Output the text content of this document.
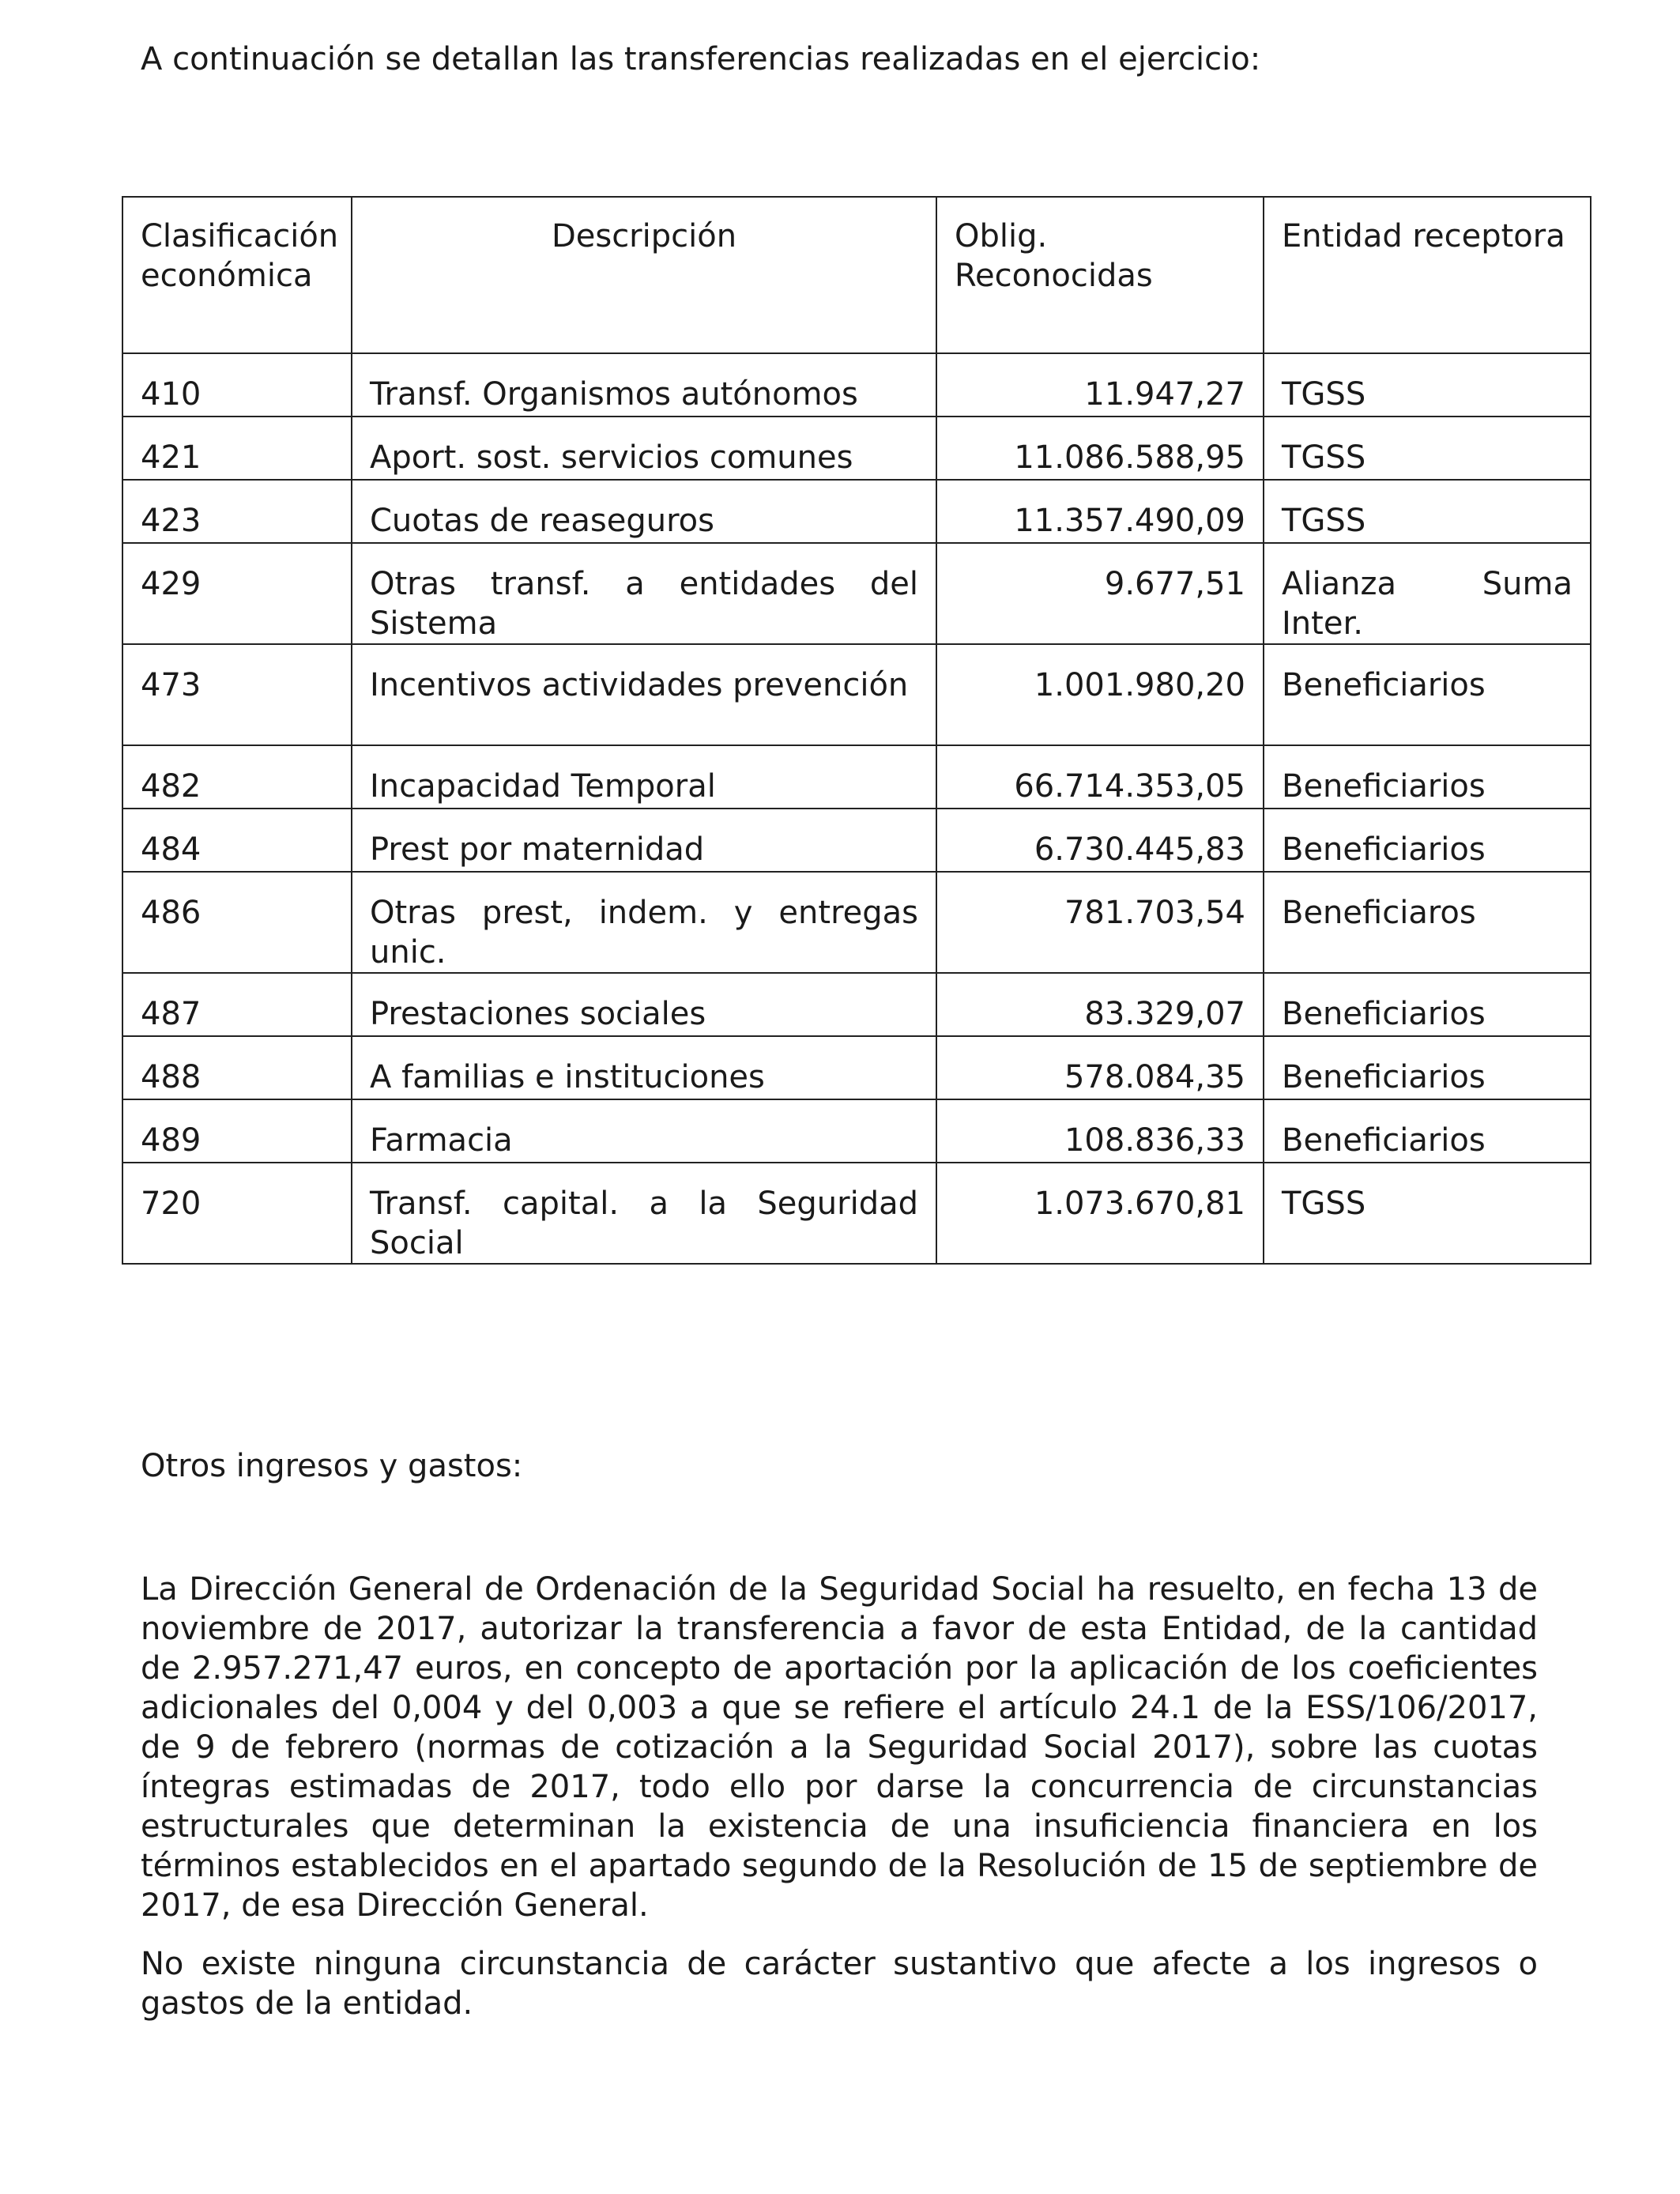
A continuación se detallan las transferencias realizadas en el ejercicio:

Clasificación económica	Descripción	Oblig. Reconocidas	Entidad receptora
410	Transf. Organismos autónomos	11.947,27	TGSS
421	Aport. sost. servicios comunes	11.086.588,95	TGSS
423	Cuotas de reaseguros	11.357.490,09	TGSS
429	Otras transf. a entidades del Sistema	9.677,51	Alianza Suma Inter.
473	Incentivos actividades prevención	1.001.980,20	Beneficiarios
482	Incapacidad Temporal	66.714.353,05	Beneficiarios
484	Prest por maternidad	6.730.445,83	Beneficiarios
486	Otras prest, indem. y entregas unic.	781.703,54	Beneficiaros
487	Prestaciones sociales	83.329,07	Beneficiarios
488	A familias e instituciones	578.084,35	Beneficiarios
489	Farmacia	108.836,33	Beneficiarios
720	Transf. capital. a la Seguridad Social	1.073.670,81	TGSS
Otros ingresos y gastos:

La Dirección General de Ordenación de la Seguridad Social ha resuelto, en fecha 13 de noviembre de 2017, autorizar la transferencia a favor de esta Entidad, de la cantidad de 2.957.271,47 euros, en concepto de aportación por la aplicación de los coeficientes adicionales del 0,004 y del 0,003 a que se refiere el artículo 24.1 de la ESS/106/2017, de 9 de febrero (normas de cotización a la Seguridad Social 2017), sobre las cuotas íntegras estimadas de 2017, todo ello por darse la concurrencia de circunstancias estructurales que determinan la existencia de una insuficiencia financiera en los términos establecidos en el apartado segundo de la Resolución de 15 de septiembre de 2017, de esa Dirección General.

No existe ninguna circunstancia de carácter sustantivo que afecte a los ingresos o gastos de la entidad.
